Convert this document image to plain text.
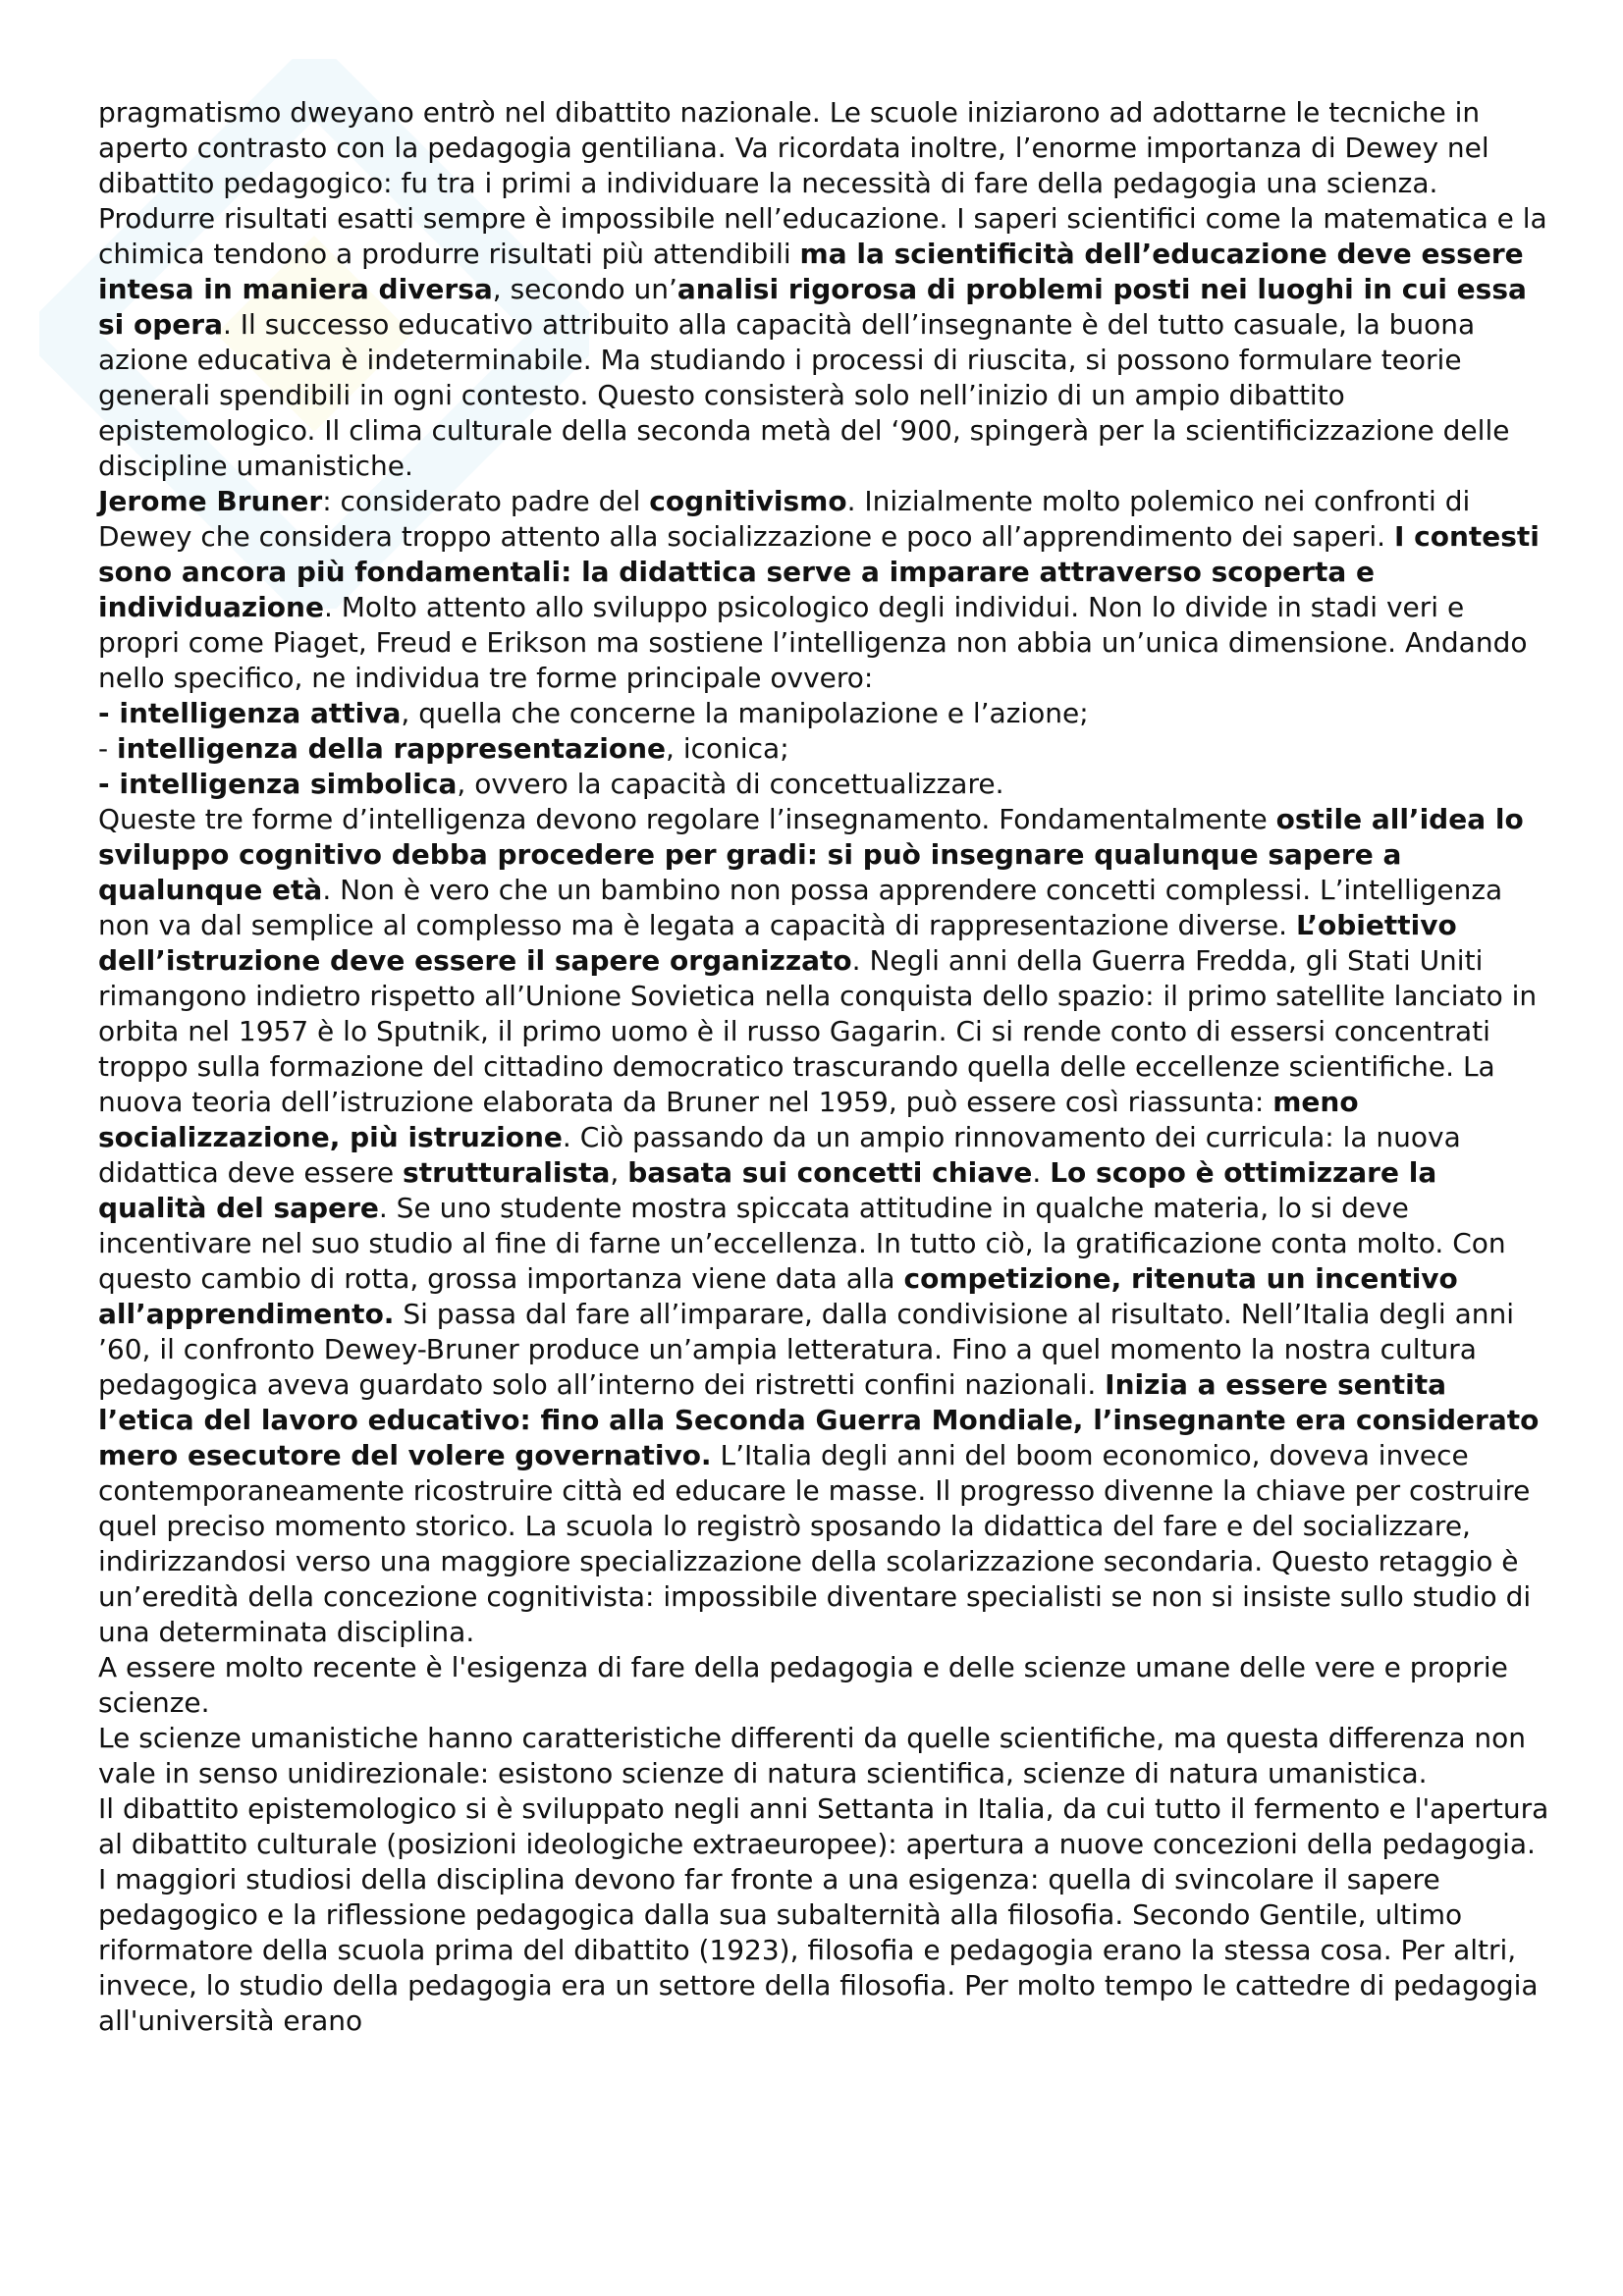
pragmatismo dweyano entrò nel dibattito nazionale. Le scuole iniziarono ad adottarne le tecniche in aperto contrasto con la pedagogia gentiliana. Va ricordata inoltre, l’enorme importanza di Dewey nel dibattito pedagogico: fu tra i primi a individuare la necessità di fare della pedagogia una scienza. Produrre risultati esatti sempre è impossibile nell’educazione. I saperi scientifici come la matematica e la chimica tendono a produrre risultati più attendibili ma la scientificità dell’educazione deve essere intesa in maniera diversa, secondo un’analisi rigorosa di problemi posti nei luoghi in cui essa si opera. Il successo educativo attribuito alla capacità dell’insegnante è del tutto casuale, la buona azione educativa è indeterminabile. Ma studiando i processi di riuscita, si possono formulare teorie generali spendibili in ogni contesto. Questo consisterà solo nell’inizio di un ampio dibattito epistemologico. Il clima culturale della seconda metà del ‘900, spingerà per la scientificizzazione delle discipline umanistiche.

Jerome Bruner: considerato padre del cognitivismo. Inizialmente molto polemico nei confronti di Dewey che considera troppo attento alla socializzazione e poco all’apprendimento dei saperi. I contesti sono ancora più fondamentali: la didattica serve a imparare attraverso scoperta e individuazione. Molto attento allo sviluppo psicologico degli individui. Non lo divide in stadi veri e propri come Piaget, Freud e Erikson ma sostiene l’intelligenza non abbia un’unica dimensione. Andando nello specifico, ne individua tre forme principale ovvero:

- intelligenza attiva, quella che concerne la manipolazione e l’azione;

- intelligenza della rappresentazione, iconica;

- intelligenza simbolica, ovvero la capacità di concettualizzare.

Queste tre forme d’intelligenza devono regolare l’insegnamento. Fondamentalmente ostile all’idea lo sviluppo cognitivo debba procedere per gradi: si può insegnare qualunque sapere a qualunque età. Non è vero che un bambino non possa apprendere concetti complessi. L’intelligenza non va dal semplice al complesso ma è legata a capacità di rappresentazione diverse. L’obiettivo dell’istruzione deve essere il sapere organizzato. Negli anni della Guerra Fredda, gli Stati Uniti rimangono indietro rispetto all’Unione Sovietica nella conquista dello spazio: il primo satellite lanciato in orbita nel 1957 è lo Sputnik, il primo uomo è il russo Gagarin. Ci si rende conto di essersi concentrati troppo sulla formazione del cittadino democratico trascurando quella delle eccellenze scientifiche. La nuova teoria dell’istruzione elaborata da Bruner nel 1959, può essere così riassunta: meno socializzazione, più istruzione. Ciò passando da un ampio rinnovamento dei curricula: la nuova didattica deve essere strutturalista, basata sui concetti chiave. Lo scopo è ottimizzare la qualità del sapere. Se uno studente mostra spiccata attitudine in qualche materia, lo si deve incentivare nel suo studio al fine di farne un’eccellenza. In tutto ciò, la gratificazione conta molto. Con questo cambio di rotta, grossa importanza viene data alla competizione, ritenuta un incentivo all’apprendimento. Si passa dal fare all’imparare, dalla condivisione al risultato. Nell’Italia degli anni ’60, il confronto Dewey-Bruner produce un’ampia letteratura. Fino a quel momento la nostra cultura pedagogica aveva guardato solo all’interno dei ristretti confini nazionali. Inizia a essere sentita l’etica del lavoro educativo: fino alla Seconda Guerra Mondiale, l’insegnante era considerato mero esecutore del volere governativo. L’Italia degli anni del boom economico, doveva invece contemporaneamente ricostruire città ed educare le masse. Il progresso divenne la chiave per costruire quel preciso momento storico. La scuola lo registrò sposando la didattica del fare e del socializzare, indirizzandosi verso una maggiore specializzazione della scolarizzazione secondaria. Questo retaggio è un’eredità della concezione cognitivista: impossibile diventare specialisti se non si insiste sullo studio di una determinata disciplina.

A essere molto recente è l'esigenza di fare della pedagogia e delle scienze umane delle vere e proprie scienze.

Le scienze umanistiche hanno caratteristiche differenti da quelle scientifiche, ma questa differenza non vale in senso unidirezionale: esistono scienze di natura scientifica, scienze di natura umanistica.

Il dibattito epistemologico si è sviluppato negli anni Settanta in Italia, da cui tutto il fermento e l'apertura al dibattito culturale (posizioni ideologiche extraeuropee): apertura a nuove concezioni della pedagogia. I maggiori studiosi della disciplina devono far fronte a una esigenza: quella di svincolare il sapere pedagogico e la riflessione pedagogica dalla sua subalternità alla filosofia. Secondo Gentile, ultimo riformatore della scuola prima del dibattito (1923), filosofia e pedagogia erano la stessa cosa. Per altri, invece, lo studio della pedagogia era un settore della filosofia. Per molto tempo le cattedre di pedagogia all'università erano
